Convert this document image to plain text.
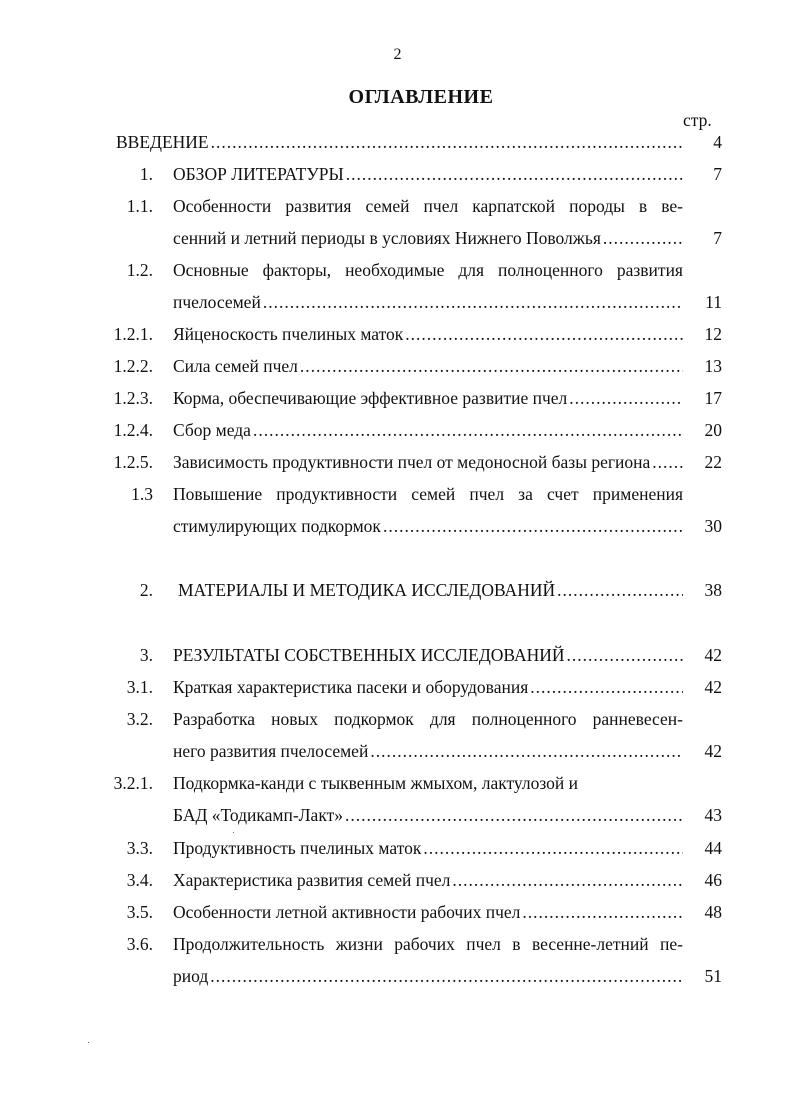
2
ОГЛАВЛЕНИЕ
стр.
ВВЕДЕНИЕ .....	4
1. ОБЗОР ЛИТЕРАТУРЫ .....	7
1.1. Особенности развития семей пчел карпатской породы в ве-
сенний и летний периоды в условиях Нижнего Поволжья .....	7
1.2. Основные факторы, необходимые для полноценного развития
пчелосемей .....	11
1.2.1. Яйценоскость пчелиных маток .....	12
1.2.2. Сила семей пчел .....	13
1.2.3. Корма, обеспечивающие эффективное развитие пчел .....	17
1.2.4. Сбор меда .....	20
1.2.5. Зависимость продуктивности пчел от медоносной базы региона .....	22
1.3 Повышение продуктивности семей пчел за счет применения
стимулирующих подкормок .....	30
2. МАТЕРИАЛЫ И МЕТОДИКА ИССЛЕДОВАНИЙ .....	38
3. РЕЗУЛЬТАТЫ СОБСТВЕННЫХ ИССЛЕДОВАНИЙ .....	42
3.1. Краткая характеристика пасеки и оборудования .....	42
3.2. Разработка новых подкормок для полноценного ранневесен-
него развития пчелосемей .....	42
3.2.1. Подкормка-канди с тыквенным жмыхом, лактулозой и
БАД «Тодикамп-Лакт» .....	43
3.3. Продуктивность пчелиных маток .....	44
3.4. Характеристика развития семей пчел .....	46
3.5. Особенности летной активности рабочих пчел .....	48
3.6. Продолжительность жизни рабочих пчел в весенне-летний пе-
риод .....	51
